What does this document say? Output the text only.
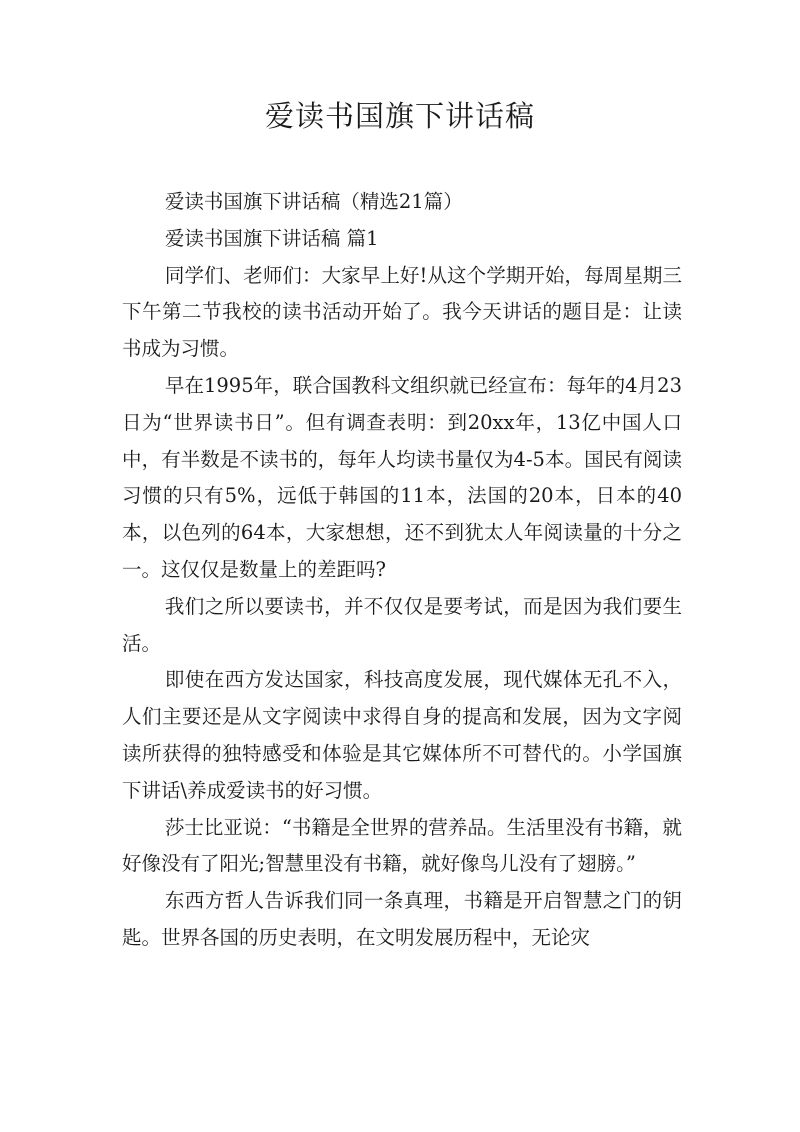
爱读书国旗下讲话稿

爱读书国旗下讲话稿（精选21篇）

爱读书国旗下讲话稿 篇1

同学们、老师们：大家早上好!从这个学期开始，每周星期三下午第二节我校的读书活动开始了。我今天讲话的题目是：让读书成为习惯。

早在1995年，联合国教科文组织就已经宣布：每年的4月23日为“世界读书日”。但有调查表明：到20xx年，13亿中国人口中，有半数是不读书的，每年人均读书量仅为4-5本。国民有阅读习惯的只有5%，远低于韩国的11本，法国的20本，日本的40本，以色列的64本，大家想想，还不到犹太人年阅读量的十分之一。这仅仅是数量上的差距吗?

我们之所以要读书，并不仅仅是要考试，而是因为我们要生活。

即使在西方发达国家，科技高度发展，现代媒体无孔不入，人们主要还是从文字阅读中求得自身的提高和发展，因为文字阅读所获得的独特感受和体验是其它媒体所不可替代的。小学国旗下讲话\养成爱读书的好习惯。

莎士比亚说：“书籍是全世界的营养品。生活里没有书籍，就好像没有了阳光;智慧里没有书籍，就好像鸟儿没有了翅膀。”

东西方哲人告诉我们同一条真理，书籍是开启智慧之门的钥匙。世界各国的历史表明，在文明发展历程中，无论灾
